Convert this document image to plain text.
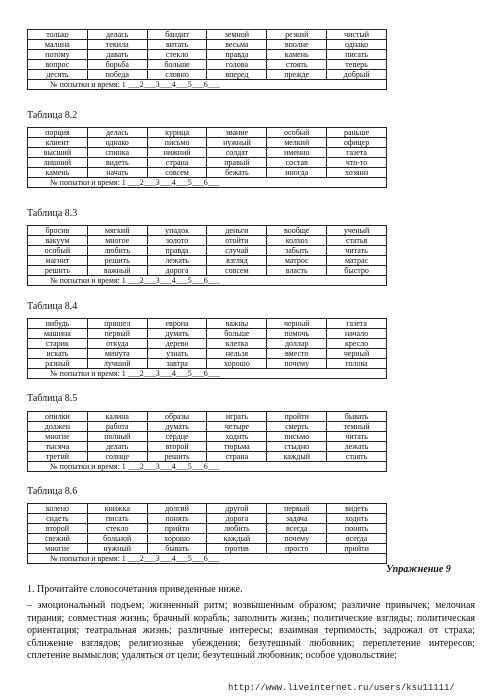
только	делась	бандит	земной	резкий	чистый
малина	текила	витать	весьма	вполне	однако
потому	давать	стекло	правда	камень	писать
вопрос	борьба	больше	голова	стоять	теперь
десять	победа	словно	вперед	прежде	добрый
№ попытки и время: 1 ___2___3___4___5___6___					
Таблица 8.2
порция	делась	курица	звание	особый	раньше
клиент	однако	письмо	нужный	мелкий	офицер
высший	спинка	нижний	солдат	именно	газета
лишний	видеть	страна	правый	состав	что-то
камень	начать	совсем	бежать	иногда	хозяин
№ попытки и время: 1 ___2___3___4___5___6___					
Таблица 8.3
бросив	мягкий	упадок	деньги	вообще	ученый
вакуум	многое	золото	отойти	колхоз	статья
особый	любить	правда	случай	забыть	читать
магнит	решить	лежать	взгляд	матрос	матрас
решить	важный	дорога	совсем	власть	быстро
№ попытки и время: 1 ___2___3___4___5___6___					
Таблица 8.4
нибудь	пришел	европа	важны	черный	газета
машина	первый	думать	больше	помочь	начало
старик	откуда	дерево	клетка	доллар	кресло
искать	минута	узнать	нельзя	вместо	черный
разный	лучший	завтра	хорошо	почему	голова
№ попытки и время: 1 ___2___3___4___5___6___					
Таблица 8.5
опилки	калина	образы	играть	пройти	бывать
должен	работа	думать	четыре	смерть	темный
многие	полный	сердце	ходить	письмо	читать
тысяча	делать	второй	тюрьма	стыдно	лежать
третий	солнце	решить	страна	каждый	стаять
№ попытки и время: 1 ___2___3___4___5___6___					
Таблица 8.6
колено	книжка	долгий	другой	первый	видеть
сидеть	писать	понять	дорога	задача	ходить
второй	стекло	прийти	любить	всегда	понять
свежий	больной	хорошо	каждый	почему	всегда
многие	нужный	бывать	против	просто	прийти
№ попытки и время: 1 ___2___3___4___5___6___					
Упражнение 9
1. Прочитайте словосочетания приведенные ниже.
– эмоциональный подъем; жизненный ритм; возвышенным образом; различие привычек; мелочная тирания; совместная жизнь; брачный корабль; заполнить жизнь; политические взгляды; политическая ориентация; театральная жизнь; различные интересы; взаимная терпимость; задрожал от страха; сближение взглядов; религиозные убеждения; безутешный любовник; переплетение интересов; сплетение вымыслов; удаляться от цели; безутешный любовник; особое удовольствие;
http://www.liveinternet.ru/users/ksu11111/
